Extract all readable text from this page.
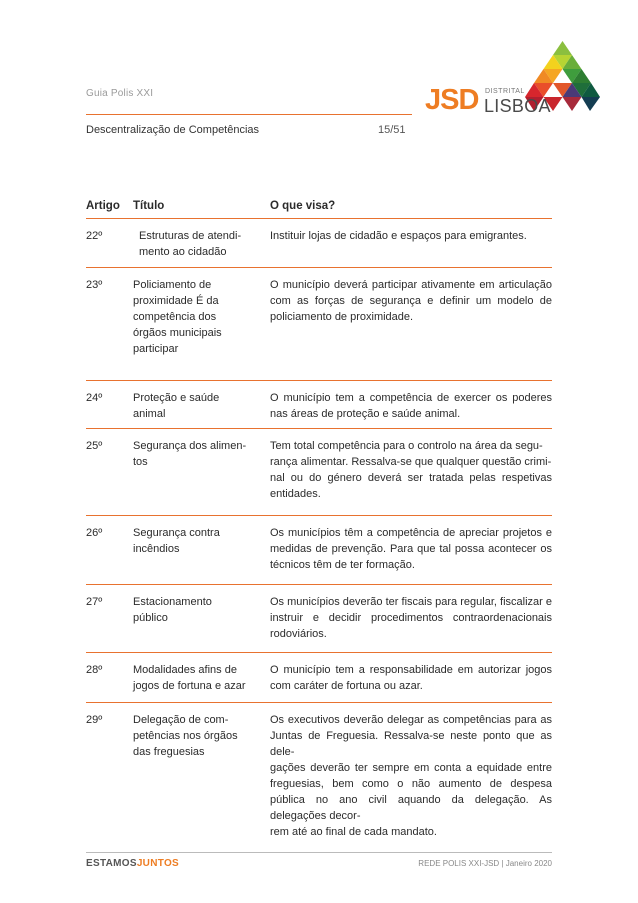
Guia Polis XXI
Descentralização de Competências	15/51
JSD DISTRITAL
LISBOA
Artigo Título	O que visa?
22º	Estruturas de atendi-
mento ao cidadão
Instituir lojas de cidadão e espaços para emigrantes.
23º	Policiamento de
proximidade É da
competência dos
órgãos municipais
participar
O município deverá participar ativamente em articulação com as forças de segurança e definir um modelo de policiamento de proximidade.
24º	Proteção e saúde
animal
O município tem a competência de exercer os poderes nas áreas de proteção e saúde animal.
25º	Segurança dos alimen-
tos
Tem total competência para o controlo na área da segu-
rança alimentar. Ressalva-se que qualquer questão crimi-
nal ou do género deverá ser tratada pelas respetivas entidades.
26º	Segurança contra
incêndios
Os municípios têm a competência de apreciar projetos e medidas de prevenção. Para que tal possa acontecer os técnicos têm de ter formação.
27º	Estacionamento
público
Os municípios deverão ter fiscais para regular, fiscalizar e instruir e decidir procedimentos contraordenacionais rodoviários.
28º	Modalidades afins de
jogos de fortuna e azar
O município tem a responsabilidade em autorizar jogos com caráter de fortuna ou azar.
29º	Delegação de com-
petências nos órgãos
das freguesias
Os executivos deverão delegar as competências para as Juntas de Freguesia. Ressalva-se neste ponto que as dele-
gações deverão ter sempre em conta a equidade entre freguesias, bem como o não aumento de despesa pública no ano civil aquando da delegação. As delegações decor-
rem até ao final de cada mandato.
ESTAMOSJUNTOS	REDE POLIS XXI-JSD | Janeiro 2020
